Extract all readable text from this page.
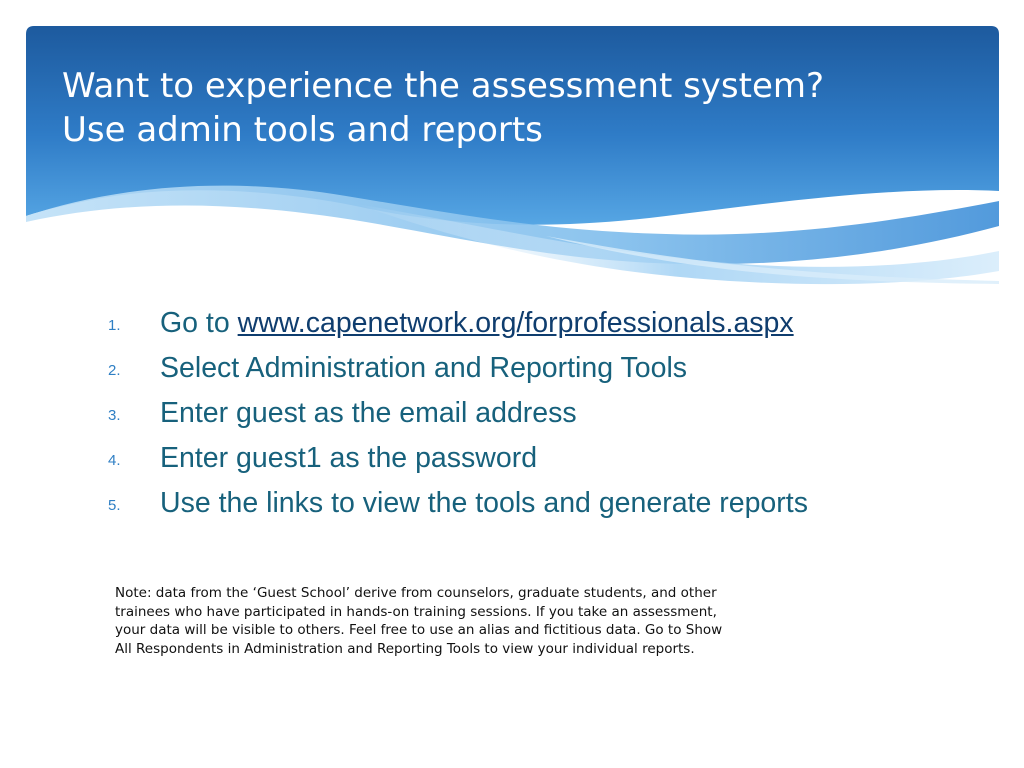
Want to experience the assessment system?
Use admin tools and reports
1. Go to www.capenetwork.org/forprofessionals.aspx
2. Select Administration and Reporting Tools
3. Enter guest as the email address
4. Enter guest1 as the password
5. Use the links to view the tools and generate reports

Note: data from the ‘Guest School’ derive from counselors, graduate students, and other
trainees who have participated in hands-on training sessions. If you take an assessment,
your data will be visible to others. Feel free to use an alias and fictitious data. Go to Show
All Respondents in Administration and Reporting Tools to view your individual reports.
